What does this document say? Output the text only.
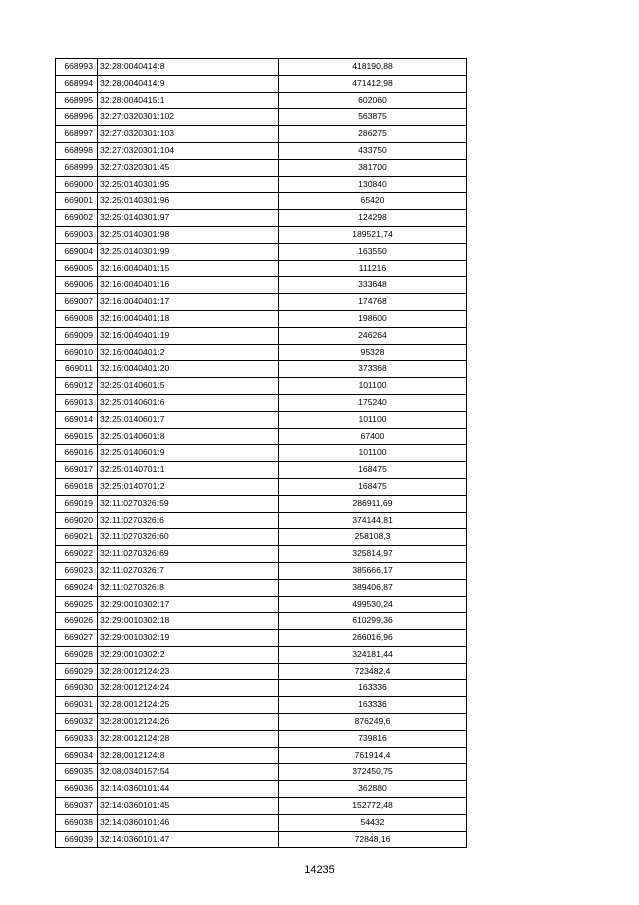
668993	32:28:0040414:8	418190,88
668994	32:28:0040414:9	471412,98
668995	32:28:0040415:1	602060
668996	32:27:0320301:102	563875
668997	32:27:0320301:103	286275
668998	32:27:0320301:104	433750
668999	32:27:0320301:45	381700
669000	32:25:0140301:95	130840
669001	32:25:0140301:96	65420
669002	32:25:0140301:97	124298
669003	32:25:0140301:98	189521,74
669004	32:25:0140301:99	163550
669005	32:16:0040401:15	111216
669006	32:16:0040401:16	333648
669007	32:16:0040401:17	174768
669008	32:16:0040401:18	198600
669009	32:16:0040401:19	246264
669010	32:16:0040401:2	95328
669011	32:16:0040401:20	373368
669012	32:25:0140601:5	101100
669013	32:25:0140601:6	175240
669014	32:25:0140601:7	101100
669015	32:25:0140601:8	67400
669016	32:25:0140601:9	101100
669017	32:25:0140701:1	168475
669018	32:25:0140701:2	168475
669019	32:11:0270326:59	286911,69
669020	32:11:0270326:6	374144,81
669021	32:11:0270326:60	258108,3
669022	32:11:0270326:69	325814,97
669023	32:11:0270326:7	385666,17
669024	32:11:0270326:8	389406,87
669025	32:29:0010302:17	499530,24
669026	32:29:0010302:18	610299,36
669027	32:29:0010302:19	266016,96
669028	32:29:0010302:2	324181,44
669029	32:28:0012124:23	723482,4
669030	32:28:0012124:24	163336
669031	32:28:0012124:25	163336
669032	32:28:0012124:26	876249,6
669033	32:28:0012124:28	739816
669034	32:28:0012124:8	761914,4
669035	32:08:0340157:54	372450,75
669036	32:14:0360101:44	362880
669037	32:14:0360101:45	152772,48
669038	32:14:0360101:46	54432
669039	32:14:0360101:47	72848,16
14235
